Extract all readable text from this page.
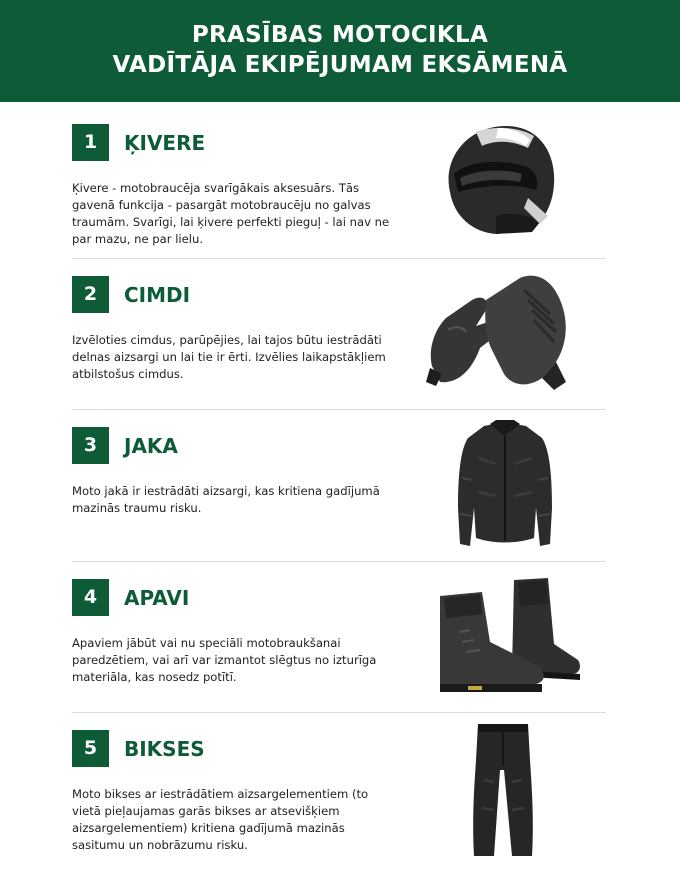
PRASĪBAS MOTOCIKLA
VADĪTĀJA EKIPĒJUMAM EKSĀMENĀ
1	ĶIVERE
Ķivere - motobraucēja svarīgākais aksesuārs. Tās gavenā funkcija - pasargāt motobraucēju no galvas traumām. Svarīgi, lai ķivere perfekti pieguļ - lai nav ne par mazu, ne par lielu.
2	CIMDI
Izvēloties cimdus, parūpējies, lai tajos būtu iestrādāti delnas aizsargi un lai tie ir ērti. Izvēlies laikapstākļiem atbilstošus cimdus.
3	JAKA
Moto jakā ir iestrādāti aizsargi, kas kritiena gadījumā mazinās traumu risku.
4	APAVI
Apaviem jābūt vai nu speciāli motobraukšanai paredzētiem, vai arī var izmantot slēgtus no izturīga materiāla, kas nosedz potītī.
5	BIKSES
Moto bikses ar iestrādātiem aizsargelementiem (to vietā pieļaujamas garās bikses ar atsevišķiem aizsargelementiem) kritiena gadījumā mazinās sasitumu un nobrāzumu risku.
